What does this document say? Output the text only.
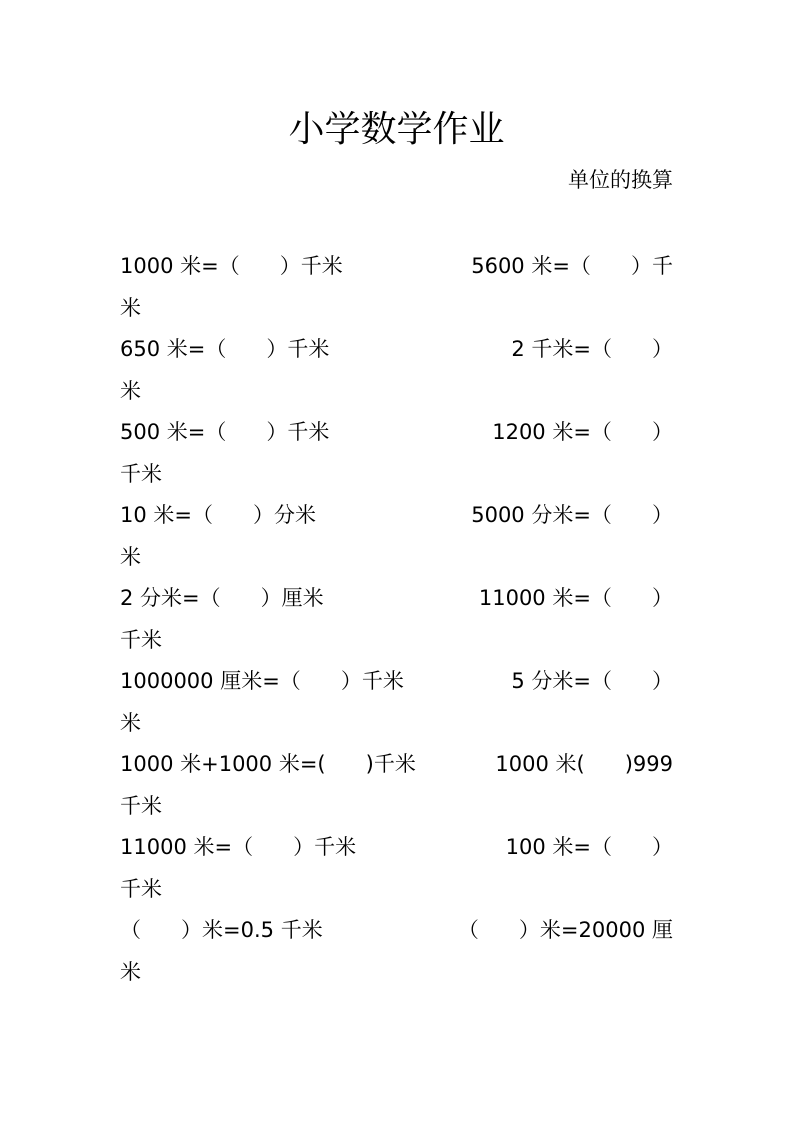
小学数学作业
单位的换算

1000 米=（      ）千米

	5600 米=（      ）千

米

650 米=（      ）千米

	2 千米=（      ）

米

500 米=（      ）千米

	1200 米=（      ）

千米

10 米=（      ）分米

	5000 分米=（      ）

米

2 分米=（      ）厘米

	11000 米=（      ）

千米

1000000 厘米=（      ）千米

	5 分米=（      ）

米

1000 米+1000 米=(      )千米

	1000 米(      )999

千米

11000 米=（      ）千米

	100 米=（      ）

千米

（      ）米=0.5 千米

	（      ）米=20000 厘

米
